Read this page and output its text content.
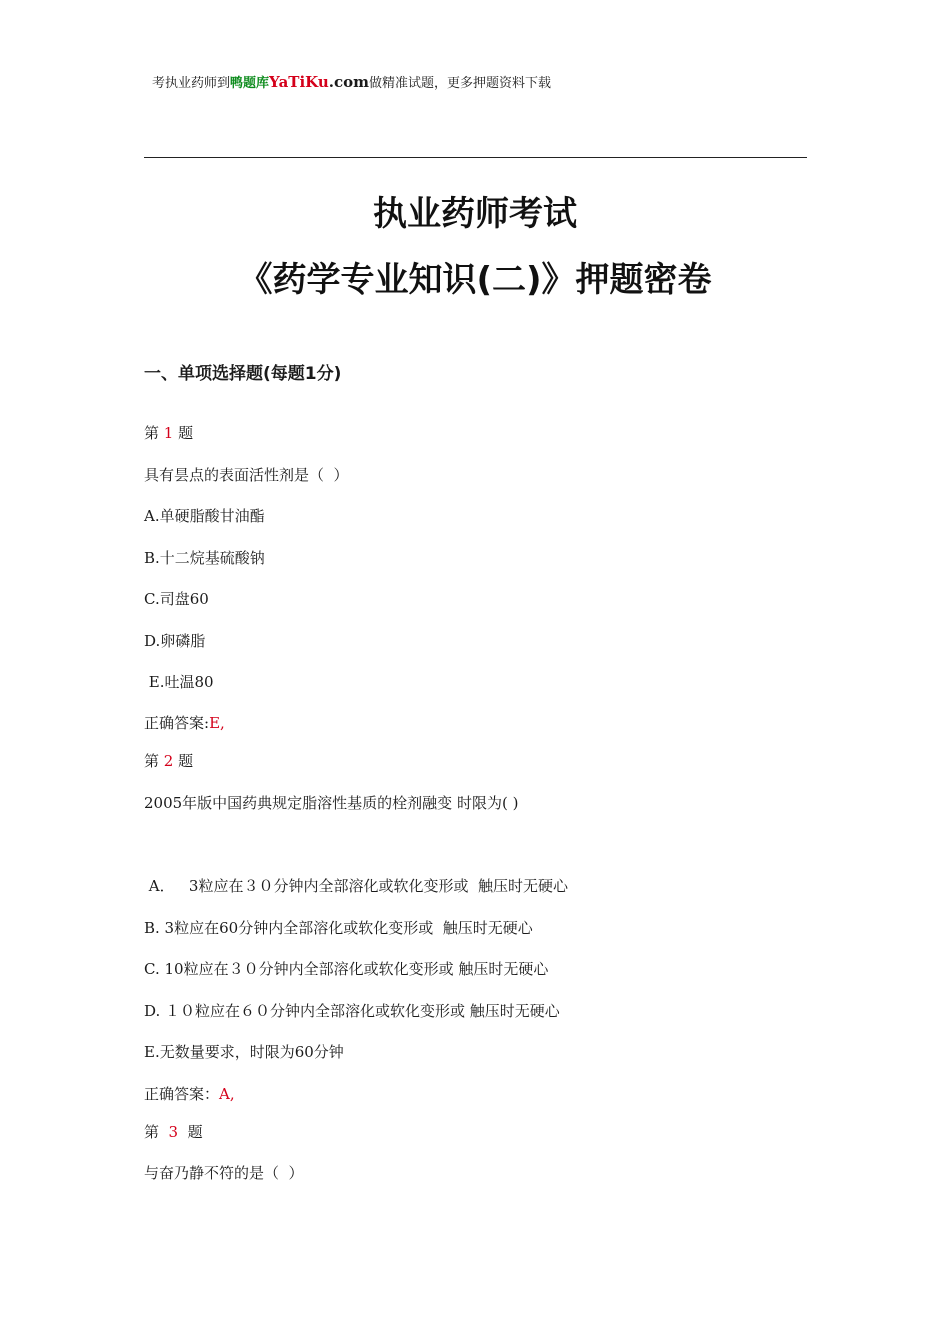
考执业药师到鸭题库YaTiKu.com做精准试题，更多押题资料下载
执业药师考试
《药学专业知识(二)》押题密卷
一、单项选择题(每题1分)
第 1 题
具有昙点的表面活性剂是（  ）
A.单硬脂酸甘油酯
B.十二烷基硫酸钠
C.司盘60
D.卵磷脂
E.吐温80
正确答案:E,
第 2 题
2005年版中国药典规定脂溶性基质的栓剂融变 时限为( )
A．   3粒应在３０分钟内全部溶化或软化变形或  触压时无硬心
B. 3粒应在60分钟内全部溶化或软化变形或  触压时无硬心
C. 10粒应在３０分钟内全部溶化或软化变形或 触压时无硬心
D. １０粒应在６０分钟内全部溶化或软化变形或 触压时无硬心
E.无数量要求，时限为60分钟
正确答案：A,
第  3  题
与奋乃静不符的是（  ）
